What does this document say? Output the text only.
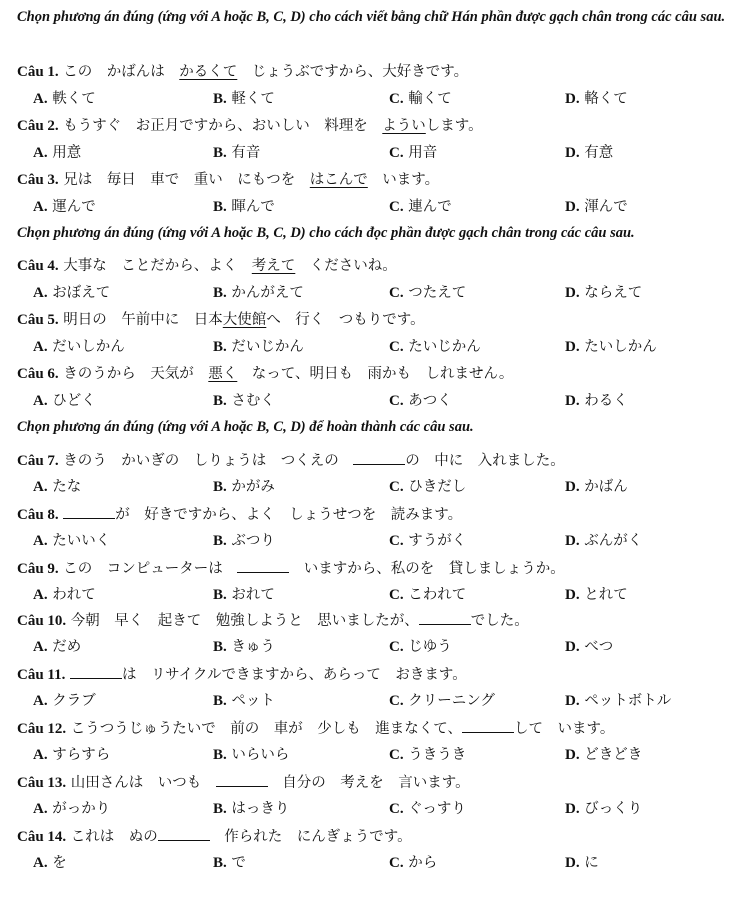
Chọn phương án đúng (ứng với A hoặc B, C, D) cho cách viết bằng chữ Hán phần được gạch chân trong các câu sau.
Câu 1. この　かばんは　かるくて　じょうぶですから、大好きです。
A. 軼くて	B. 軽くて	C. 輸くて	D. 輅くて
Câu 2. もうすぐ　お正月ですから、おいしい　料理を　よういします。
A. 用意	B. 有音	C. 用音	D. 有意
Câu 3. 兄は　毎日　車で　重い　にもつを　はこんで　います。
A. 運んで	B. 暉んで	C. 連んで	D. 渾んで
Chọn phương án đúng (ứng với A hoặc B, C, D) cho cách đọc phần được gạch chân trong các câu sau.
Câu 4. 大事な　ことだから、よく　考えて　くださいね。
A. おぼえて	B. かんがえて	C. つたえて	D. ならえて
Câu 5. 明日の　午前中に　日本大使館へ　行く　つもりです。
A. だいしかん	B. だいじかん	C. たいじかん	D. たいしかん
Câu 6. きのうから　天気が　悪く　なって、明日も　雨かも　しれません。
A. ひどく	B. さむく	C. あつく	D. わるく
Chọn phương án đúng (ứng với A hoặc B, C, D) để hoàn thành các câu sau.
Câu 7. きのう　かいぎの　しりょうは　つくえの　	の　中に　入れました。
A. たな	B. かがみ	C. ひきだし	D. かばん
Câu 8.	が　好きですから、よく　しょうせつを　読みます。
A. たいいく	B. ぶつり	C. すうがく	D. ぶんがく
Câu 9. この　コンピューターは　	　いますから、私のを　貸しましょうか。
A. われて	B. おれて	C. こわれて	D. とれて
Câu 10. 今朝　早く　起きて　勉強しようと　思いましたが、	でした。
A. だめ	B. きゅう	C. じゆう	D. べつ
Câu 11.	は　リサイクルできますから、あらって　おきます。
A. クラブ	B. ペット	C. クリーニング	D. ペットボトル
Câu 12. こうつうじゅうたいで　前の　車が　少しも　進まなくて、	して　います。
A. すらすら	B. いらいら	C. うきうき	D. どきどき
Câu 13. 山田さんは　いつも　	　自分の　考えを　言います。
A. がっかり	B. はっきり	C. ぐっすり	D. びっくり
Câu 14. これは　ぬの	　作られた　にんぎょうです。
A. を	B. で	C. から	D. に
